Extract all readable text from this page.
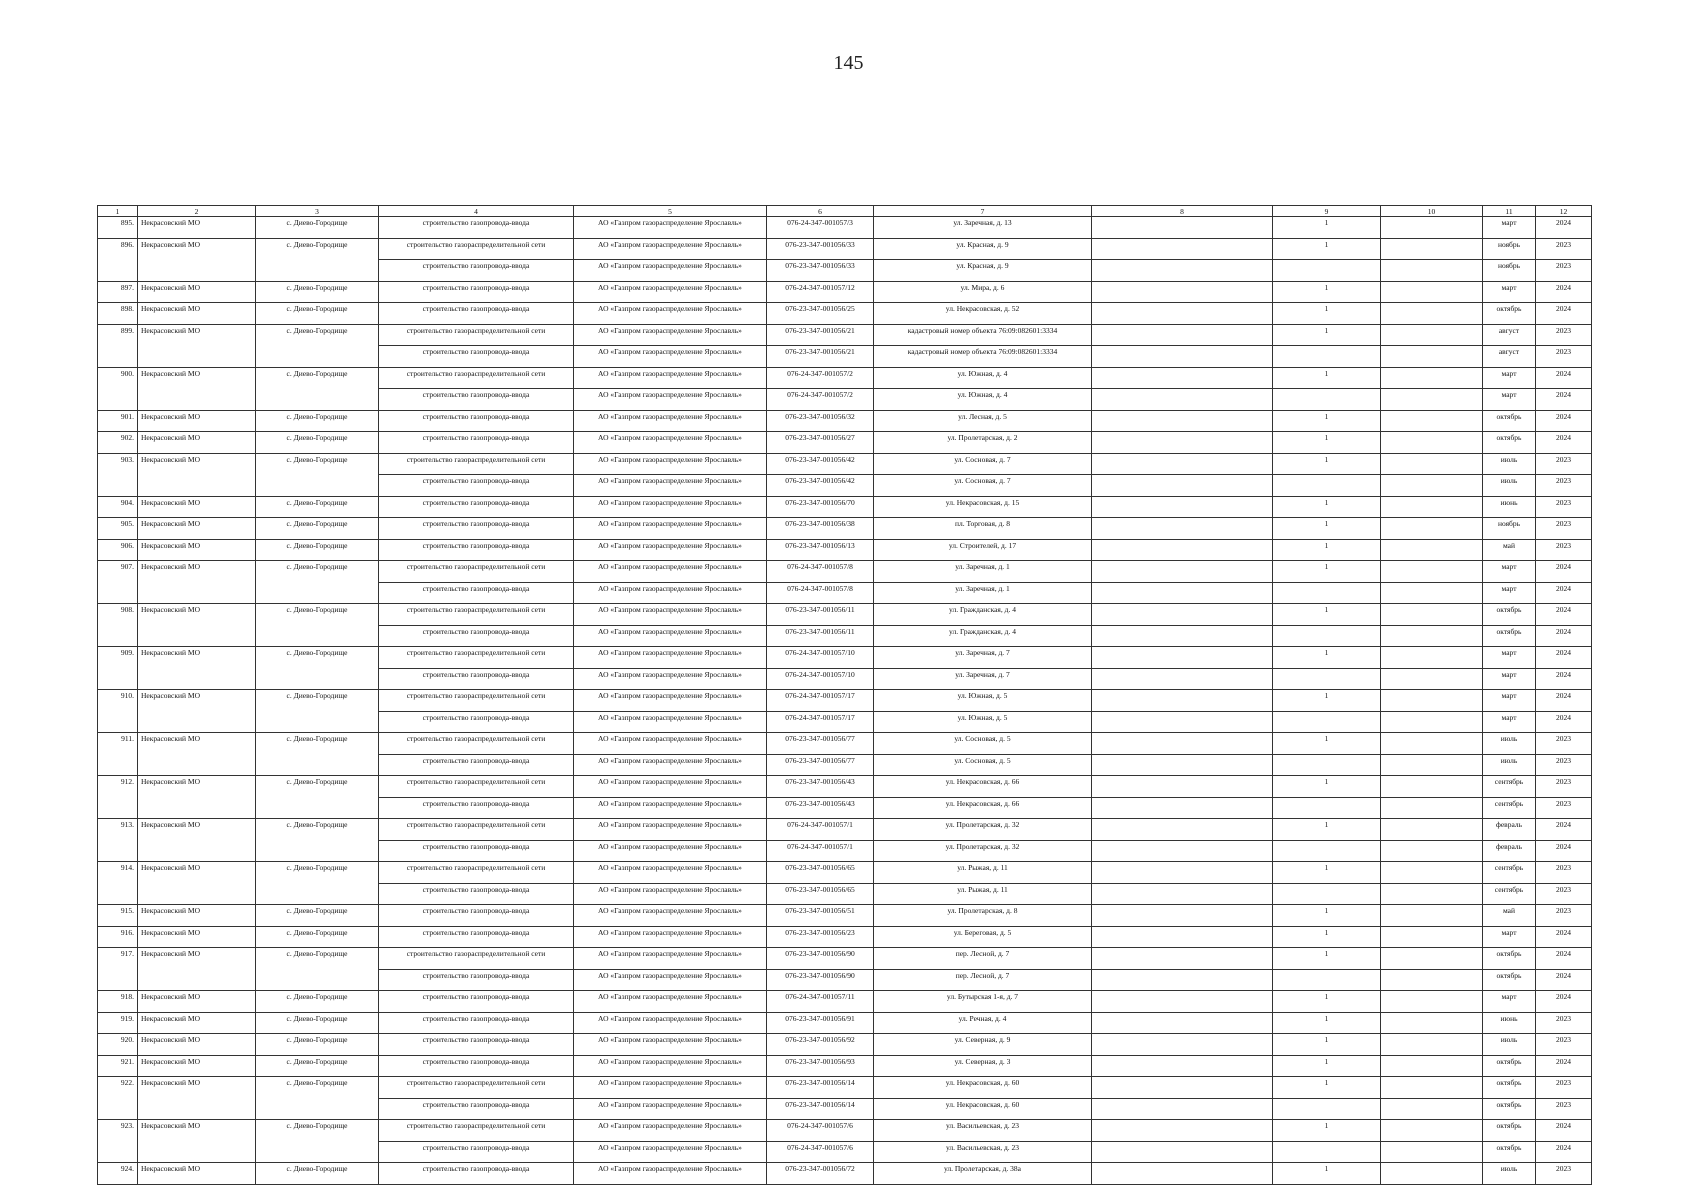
145
1	2	3	4	5	6	7	8	9	10	11	12
895.	Некрасовский МО	с. Диево-Городище	строительство газопровода-ввода	АО «Газпром газораспределение Ярославль»	076-24-347-001057/3	ул. Заречная, д. 13		1		март	2024
896.	Некрасовский МО	с. Диево-Городище	строительство газораспределительной сети	АО «Газпром газораспределение Ярославль»	076-23-347-001056/33	ул. Красная, д. 9		1		ноябрь	2023
			строительство газопровода-ввода	АО «Газпром газораспределение Ярославль»	076-23-347-001056/33	ул. Красная, д. 9				ноябрь	2023
897.	Некрасовский МО	с. Диево-Городище	строительство газопровода-ввода	АО «Газпром газораспределение Ярославль»	076-24-347-001057/12	ул. Мира, д. 6		1		март	2024
898.	Некрасовский МО	с. Диево-Городище	строительство газопровода-ввода	АО «Газпром газораспределение Ярославль»	076-23-347-001056/25	ул. Некрасовская, д. 52		1		октябрь	2024
899.	Некрасовский МО	с. Диево-Городище	строительство газораспределительной сети	АО «Газпром газораспределение Ярославль»	076-23-347-001056/21	кадастровый номер объекта 76:09:082601:3334		1		август	2023
			строительство газопровода-ввода	АО «Газпром газораспределение Ярославль»	076-23-347-001056/21	кадастровый номер объекта 76:09:082601:3334				август	2023
900.	Некрасовский МО	с. Диево-Городище	строительство газораспределительной сети	АО «Газпром газораспределение Ярославль»	076-24-347-001057/2	ул. Южная, д. 4		1		март	2024
			строительство газопровода-ввода	АО «Газпром газораспределение Ярославль»	076-24-347-001057/2	ул. Южная, д. 4				март	2024
901.	Некрасовский МО	с. Диево-Городище	строительство газопровода-ввода	АО «Газпром газораспределение Ярославль»	076-23-347-001056/32	ул. Лесная, д. 5		1		октябрь	2024
902.	Некрасовский МО	с. Диево-Городище	строительство газопровода-ввода	АО «Газпром газораспределение Ярославль»	076-23-347-001056/27	ул. Пролетарская, д. 2		1		октябрь	2024
903.	Некрасовский МО	с. Диево-Городище	строительство газораспределительной сети	АО «Газпром газораспределение Ярославль»	076-23-347-001056/42	ул. Сосновая, д. 7		1		июль	2023
			строительство газопровода-ввода	АО «Газпром газораспределение Ярославль»	076-23-347-001056/42	ул. Сосновая, д. 7				июль	2023
904.	Некрасовский МО	с. Диево-Городище	строительство газопровода-ввода	АО «Газпром газораспределение Ярославль»	076-23-347-001056/70	ул. Некрасовская, д. 15		1		июнь	2023
905.	Некрасовский МО	с. Диево-Городище	строительство газопровода-ввода	АО «Газпром газораспределение Ярославль»	076-23-347-001056/38	пл. Торговая, д. 8		1		ноябрь	2023
906.	Некрасовский МО	с. Диево-Городище	строительство газопровода-ввода	АО «Газпром газораспределение Ярославль»	076-23-347-001056/13	ул. Строителей, д. 17		1		май	2023
907.	Некрасовский МО	с. Диево-Городище	строительство газораспределительной сети	АО «Газпром газораспределение Ярославль»	076-24-347-001057/8	ул. Заречная, д. 1		1		март	2024
			строительство газопровода-ввода	АО «Газпром газораспределение Ярославль»	076-24-347-001057/8	ул. Заречная, д. 1				март	2024
908.	Некрасовский МО	с. Диево-Городище	строительство газораспределительной сети	АО «Газпром газораспределение Ярославль»	076-23-347-001056/11	ул. Гражданская, д. 4		1		октябрь	2024
			строительство газопровода-ввода	АО «Газпром газораспределение Ярославль»	076-23-347-001056/11	ул. Гражданская, д. 4				октябрь	2024
909.	Некрасовский МО	с. Диево-Городище	строительство газораспределительной сети	АО «Газпром газораспределение Ярославль»	076-24-347-001057/10	ул. Заречная, д. 7		1		март	2024
			строительство газопровода-ввода	АО «Газпром газораспределение Ярославль»	076-24-347-001057/10	ул. Заречная, д. 7				март	2024
910.	Некрасовский МО	с. Диево-Городище	строительство газораспределительной сети	АО «Газпром газораспределение Ярославль»	076-24-347-001057/17	ул. Южная, д. 5		1		март	2024
			строительство газопровода-ввода	АО «Газпром газораспределение Ярославль»	076-24-347-001057/17	ул. Южная, д. 5				март	2024
911.	Некрасовский МО	с. Диево-Городище	строительство газораспределительной сети	АО «Газпром газораспределение Ярославль»	076-23-347-001056/77	ул. Сосновая, д. 5		1		июль	2023
			строительство газопровода-ввода	АО «Газпром газораспределение Ярославль»	076-23-347-001056/77	ул. Сосновая, д. 5				июль	2023
912.	Некрасовский МО	с. Диево-Городище	строительство газораспределительной сети	АО «Газпром газораспределение Ярославль»	076-23-347-001056/43	ул. Некрасовская, д. 66		1		сентябрь	2023
			строительство газопровода-ввода	АО «Газпром газораспределение Ярославль»	076-23-347-001056/43	ул. Некрасовская, д. 66				сентябрь	2023
913.	Некрасовский МО	с. Диево-Городище	строительство газораспределительной сети	АО «Газпром газораспределение Ярославль»	076-24-347-001057/1	ул. Пролетарская, д. 32		1		февраль	2024
			строительство газопровода-ввода	АО «Газпром газораспределение Ярославль»	076-24-347-001057/1	ул. Пролетарская, д. 32				февраль	2024
914.	Некрасовский МО	с. Диево-Городище	строительство газораспределительной сети	АО «Газпром газораспределение Ярославль»	076-23-347-001056/65	ул. Рыжая, д. 11		1		сентябрь	2023
			строительство газопровода-ввода	АО «Газпром газораспределение Ярославль»	076-23-347-001056/65	ул. Рыжая, д. 11				сентябрь	2023
915.	Некрасовский МО	с. Диево-Городище	строительство газопровода-ввода	АО «Газпром газораспределение Ярославль»	076-23-347-001056/51	ул. Пролетарская, д. 8		1		май	2023
916.	Некрасовский МО	с. Диево-Городище	строительство газопровода-ввода	АО «Газпром газораспределение Ярославль»	076-23-347-001056/23	ул. Береговая, д. 5		1		март	2024
917.	Некрасовский МО	с. Диево-Городище	строительство газораспределительной сети	АО «Газпром газораспределение Ярославль»	076-23-347-001056/90	пер. Лесной, д. 7		1		октябрь	2024
			строительство газопровода-ввода	АО «Газпром газораспределение Ярославль»	076-23-347-001056/90	пер. Лесной, д. 7				октябрь	2024
918.	Некрасовский МО	с. Диево-Городище	строительство газопровода-ввода	АО «Газпром газораспределение Ярославль»	076-24-347-001057/11	ул. Бутырская 1-я, д. 7		1		март	2024
919.	Некрасовский МО	с. Диево-Городище	строительство газопровода-ввода	АО «Газпром газораспределение Ярославль»	076-23-347-001056/91	ул. Речная, д. 4		1		июнь	2023
920.	Некрасовский МО	с. Диево-Городище	строительство газопровода-ввода	АО «Газпром газораспределение Ярославль»	076-23-347-001056/92	ул. Северная, д. 9		1		июль	2023
921.	Некрасовский МО	с. Диево-Городище	строительство газопровода-ввода	АО «Газпром газораспределение Ярославль»	076-23-347-001056/93	ул. Северная, д. 3		1		октябрь	2024
922.	Некрасовский МО	с. Диево-Городище	строительство газораспределительной сети	АО «Газпром газораспределение Ярославль»	076-23-347-001056/14	ул. Некрасовская, д. 60		1		октябрь	2023
			строительство газопровода-ввода	АО «Газпром газораспределение Ярославль»	076-23-347-001056/14	ул. Некрасовская, д. 60				октябрь	2023
923.	Некрасовский МО	с. Диево-Городище	строительство газораспределительной сети	АО «Газпром газораспределение Ярославль»	076-24-347-001057/6	ул. Васильевская, д. 23		1		октябрь	2024
			строительство газопровода-ввода	АО «Газпром газораспределение Ярославль»	076-24-347-001057/6	ул. Васильевская, д. 23				октябрь	2024
924.	Некрасовский МО	с. Диево-Городище	строительство газопровода-ввода	АО «Газпром газораспределение Ярославль»	076-23-347-001056/72	ул. Пролетарская, д. 38а		1		июль	2023
